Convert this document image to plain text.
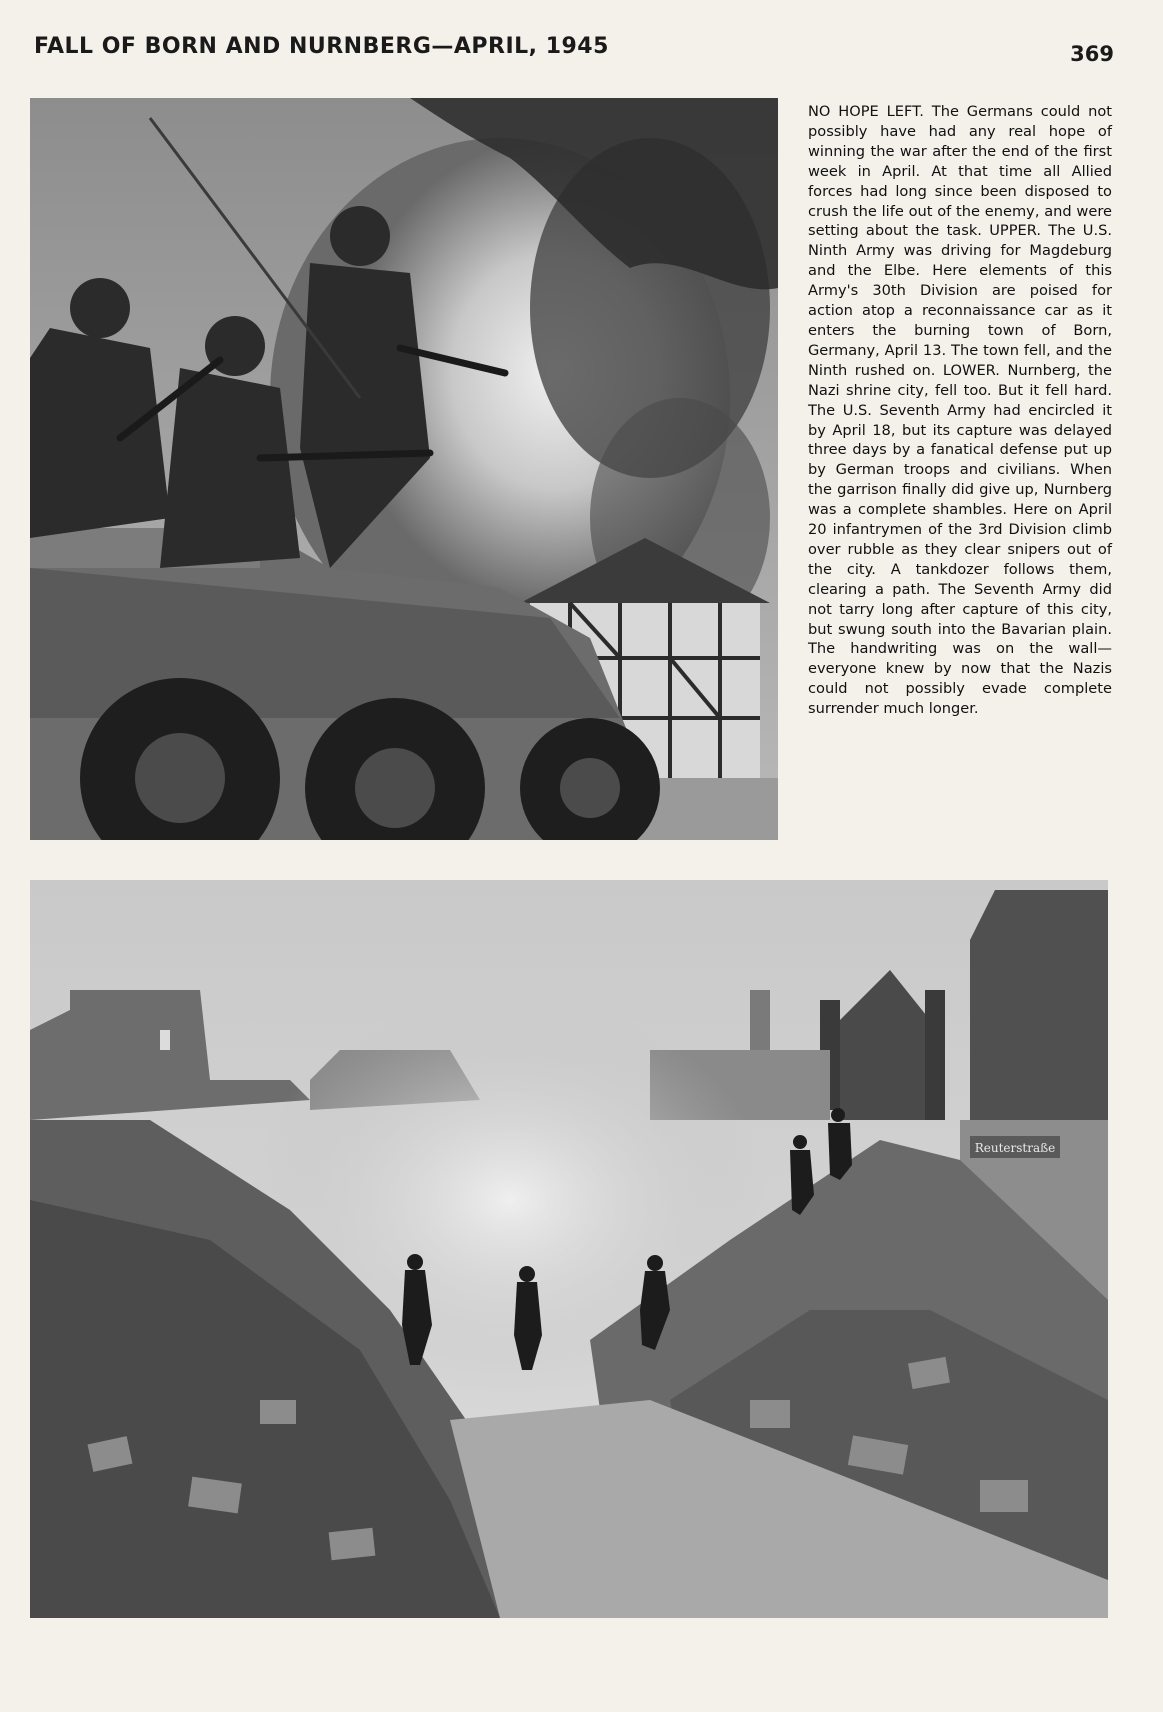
FALL OF BORN AND NURNBERG—APRIL, 1945	369
NO HOPE LEFT. The Germans could not possibly have had any real hope of winning the war after the end of the first week in April. At that time all Allied forces had long since been disposed to crush the life out of the enemy, and were setting about the task. UPPER. The U.S. Ninth Army was driving for Magdeburg and the Elbe. Here elements of this Army's 30th Division are poised for action atop a reconnaissance car as it enters the burning town of Born, Germany, April 13. The town fell, and the Ninth rushed on. LOWER. Nurnberg, the Nazi shrine city, fell too. But it fell hard. The U.S. Seventh Army had encircled it by April 18, but its capture was delayed three days by a fanatical defense put up by German troops and civilians. When the garrison finally did give up, Nurnberg was a complete shambles. Here on April 20 infantrymen of the 3rd Division climb over rubble as they clear snipers out of the city. A tankdozer follows them, clearing a path. The Seventh Army did not tarry long after capture of this city, but swung south into the Bavarian plain. The handwriting was on the wall—everyone knew by now that the Nazis could not possibly evade complete surrender much longer.
Reuterstraße
